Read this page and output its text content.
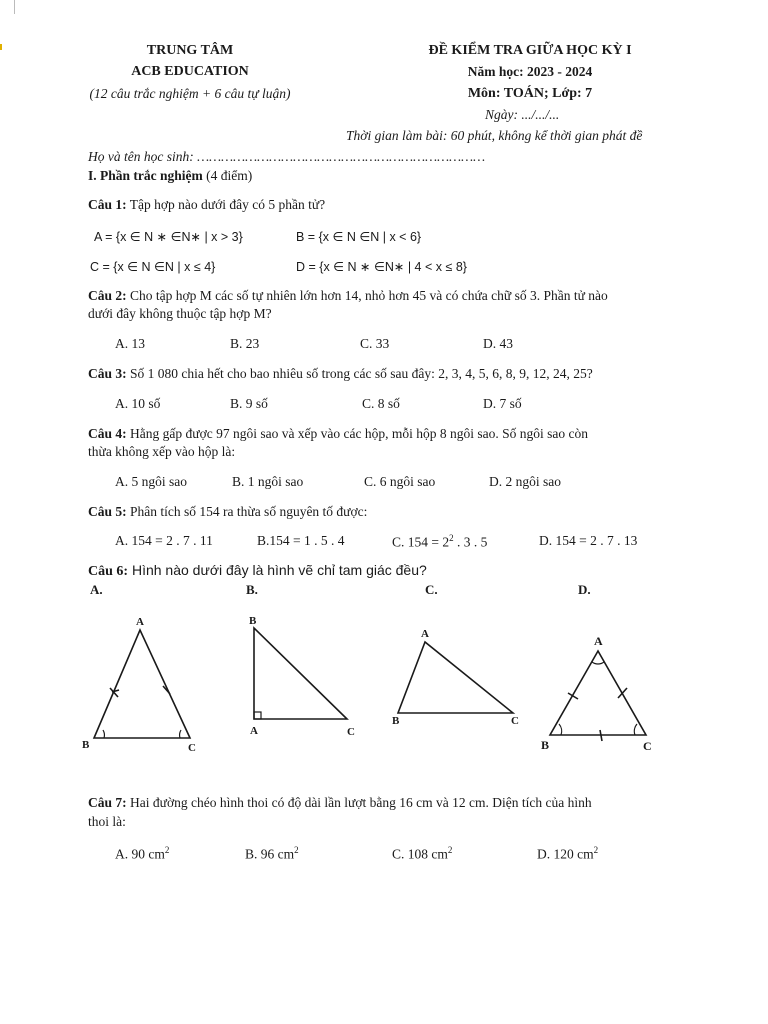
TRUNG TÂM
ACB EDUCATION
(12 câu trắc nghiệm + 6 câu tự luận)
ĐỀ KIỂM TRA GIỮA HỌC KỲ I
Năm học: 2023 - 2024
Môn: TOÁN; Lớp: 7
Ngày: .../.../...
Thời gian làm bài: 60 phút, không kể thời gian phát đề
Họ và tên học sinh: ………………………………………………………………
I. Phần trắc nghiệm (4 điểm)
Câu 1: Tập hợp nào dưới đây có 5 phần tử?
A = {x ∈ N ∗ ∈N∗ | x > 3}	B = {x ∈ N ∈N | x < 6}
C = {x ∈ N ∈N | x ≤ 4}	D = {x ∈ N ∗ ∈N∗ | 4 < x ≤ 8}
Câu 2: Cho tập hợp M các số tự nhiên lớn hơn 14, nhỏ hơn 45 và có chứa chữ số 3. Phần tử nào
dưới đây không thuộc tập hợp M?
A. 13	B. 23	C. 33	D. 43
Câu 3: Số 1 080 chia hết cho bao nhiêu số trong các số sau đây: 2, 3, 4, 5, 6, 8, 9, 12, 24, 25?
A. 10 số	B. 9 số	C. 8 số	D. 7 số
Câu 4: Hằng gấp được 97 ngôi sao và xếp vào các hộp, mỗi hộp 8 ngôi sao. Số ngôi sao còn
thừa không xếp vào hộp là:
A. 5 ngôi sao	B. 1 ngôi sao	C. 6 ngôi sao	D. 2 ngôi sao
Câu 5: Phân tích số 154 ra thừa số nguyên tố được:
A. 154 = 2 . 7 . 11	B.154 = 1 . 5 . 4	C. $154 = 2^2$ . 3 . 5	D. 154 = 2 . 7 . 13
Câu 6: Hình nào dưới đây là hình vẽ chỉ tam giác đều?
A.	B.	C.	D.
A
B	C
B
A	C
A
B	C
A
B	C
Câu 7: Hai đường chéo hình thoi có độ dài lần lượt bằng 16 cm và 12 cm. Diện tích của hình
thoi là:
A. 90 $cm^2$	B. 96 $cm^2$	C. 108 $cm^2$	D. 120 $cm^2$
